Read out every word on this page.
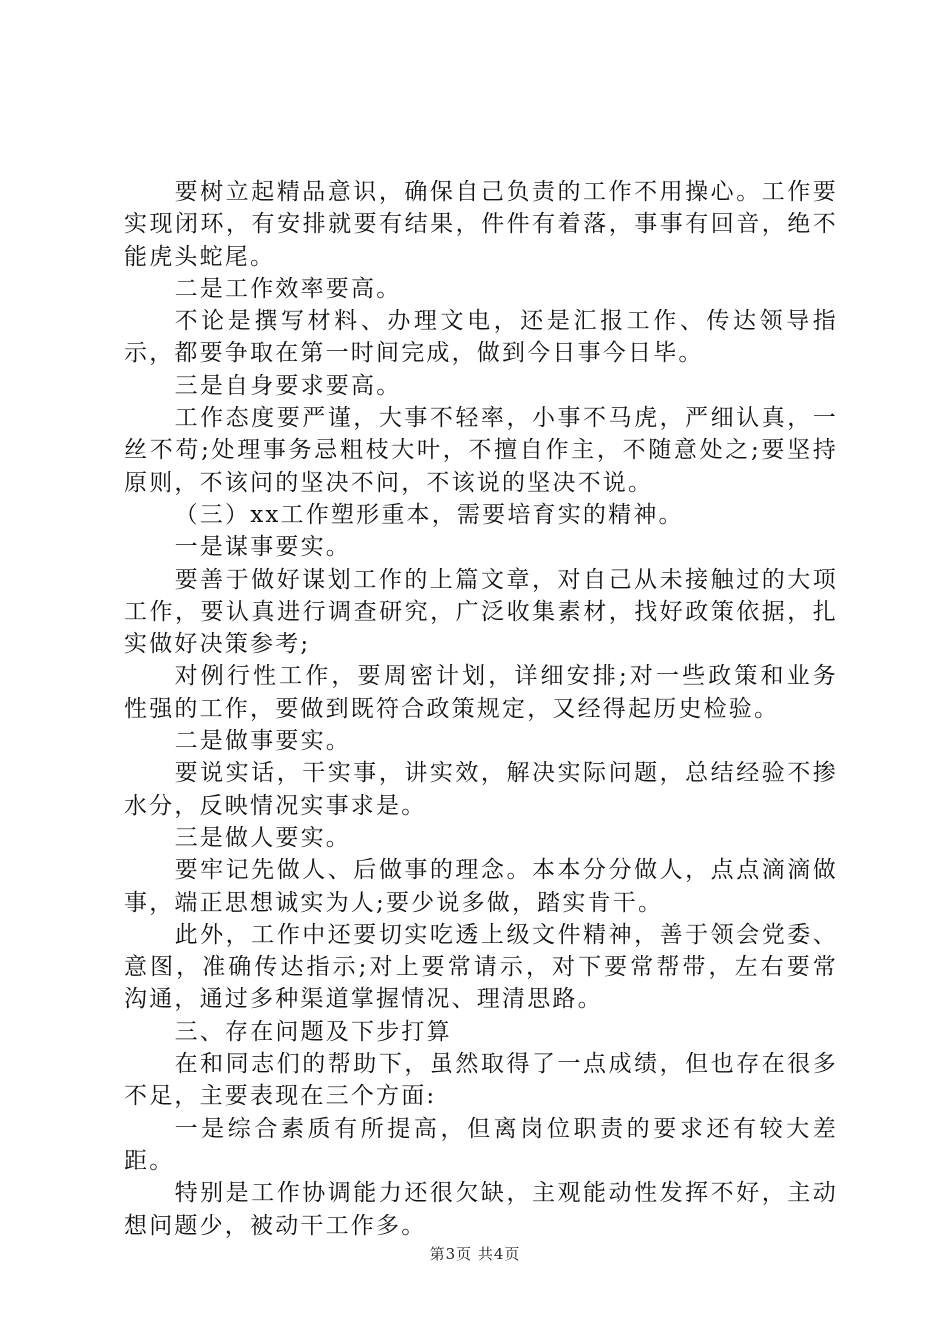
要树立起精品意识，确保自己负责的工作不用操心。工作要实现闭环，有安排就要有结果，件件有着落，事事有回音，绝不能虎头蛇尾。

二是工作效率要高。

不论是撰写材料、办理文电，还是汇报工作、传达领导指示，都要争取在第一时间完成，做到今日事今日毕。

三是自身要求要高。

工作态度要严谨，大事不轻率，小事不马虎，严细认真，一丝不苟;处理事务忌粗枝大叶，不擅自作主，不随意处之;要坚持原则，不该问的坚决不问，不该说的坚决不说。

（三）xx工作塑形重本，需要培育实的精神。

一是谋事要实。

要善于做好谋划工作的上篇文章，对自己从未接触过的大项工作，要认真进行调查研究，广泛收集素材，找好政策依据，扎实做好决策参考;

对例行性工作，要周密计划，详细安排;对一些政策和业务性强的工作，要做到既符合政策规定，又经得起历史检验。

二是做事要实。

要说实话，干实事，讲实效，解决实际问题，总结经验不掺水分，反映情况实事求是。

三是做人要实。

要牢记先做人、后做事的理念。本本分分做人，点点滴滴做事，端正思想诚实为人;要少说多做，踏实肯干。

此外，工作中还要切实吃透上级文件精神，善于领会党委、意图，准确传达指示;对上要常请示，对下要常帮带，左右要常沟通，通过多种渠道掌握情况、理清思路。

三、存在问题及下步打算

在和同志们的帮助下，虽然取得了一点成绩，但也存在很多不足，主要表现在三个方面:

一是综合素质有所提高，但离岗位职责的要求还有较大差距。

特别是工作协调能力还很欠缺，主观能动性发挥不好，主动想问题少，被动干工作多。

第3页 共4页
